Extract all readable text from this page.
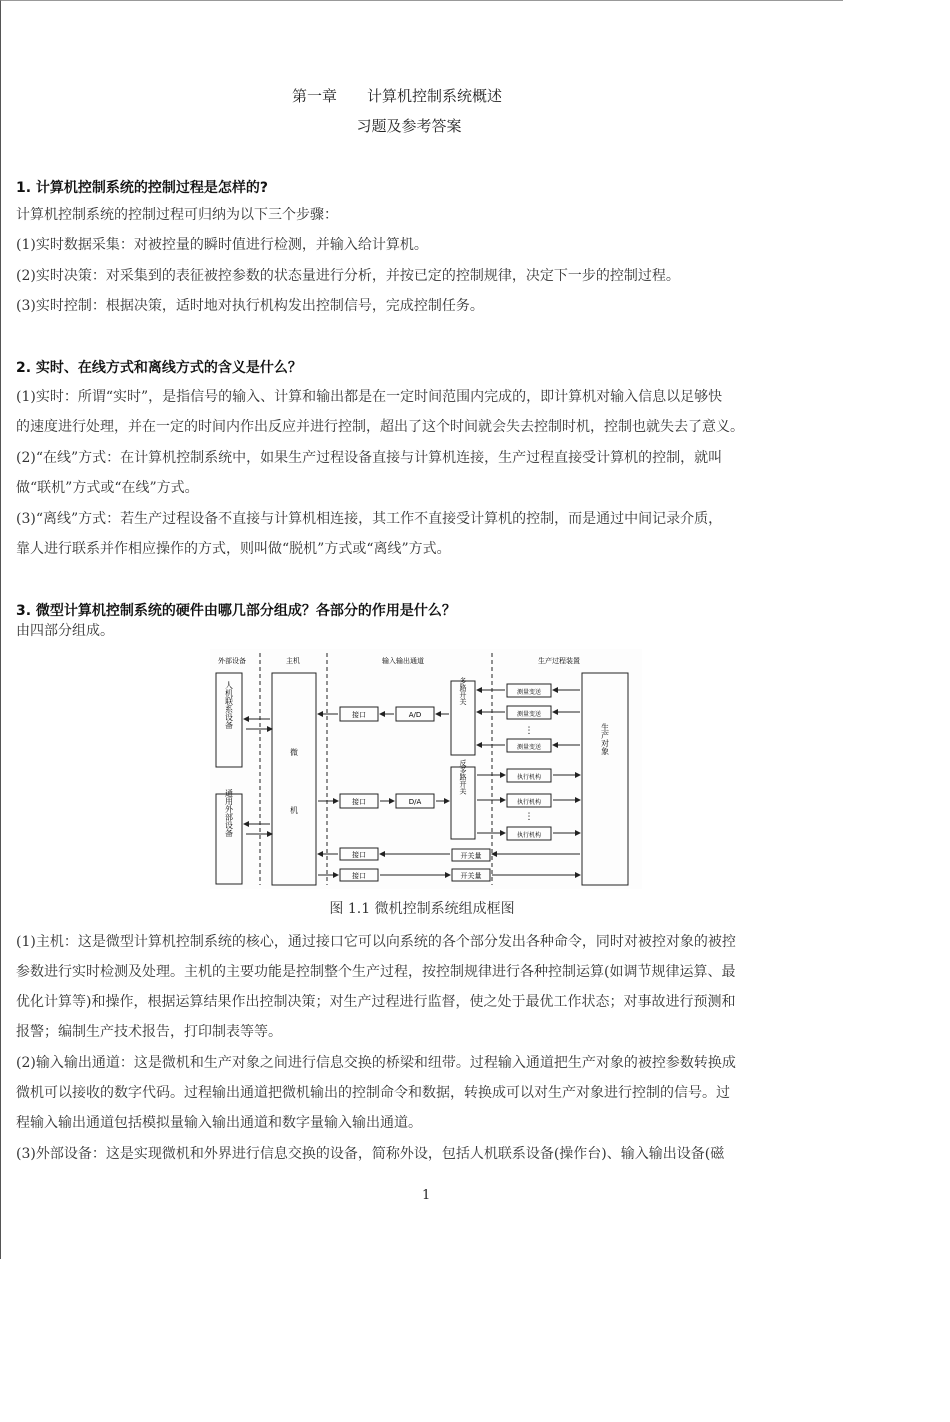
第一章　　计算机控制系统概述
习题及参考答案
1. 计算机控制系统的控制过程是怎样的?
计算机控制系统的控制过程可归纳为以下三个步骤：
(1)实时数据采集：对被控量的瞬时值进行检测，并输入给计算机。
(2)实时决策：对采集到的表征被控参数的状态量进行分析，并按已定的控制规律，决定下一步的控制过程。
(3)实时控制：根据决策，适时地对执行机构发出控制信号，完成控制任务。
2. 实时、在线方式和离线方式的含义是什么？
(1)实时：所谓“实时”，是指信号的输入、计算和输出都是在一定时间范围内完成的，即计算机对输入信息以足够快
的速度进行处理，并在一定的时间内作出反应并进行控制，超出了这个时间就会失去控制时机，控制也就失去了意义。
(2)“在线”方式：在计算机控制系统中，如果生产过程设备直接与计算机连接，生产过程直接受计算机的控制，就叫
做“联机”方式或“在线”方式。
(3)“离线”方式：若生产过程设备不直接与计算机相连接，其工作不直接受计算机的控制，而是通过中间记录介质，
靠人进行联系并作相应操作的方式，则叫做“脱机”方式或“离线”方式。
3. 微型计算机控制系统的硬件由哪几部分组成？各部分的作用是什么？
由四部分组成。
外部设备	主机	输入输出通道	生产过程装置
人机联系设备
通用外部设备
微
机
接口	A/D
接口	D/A
接口
接口
多路开关
反多路开关
开关量
开关量
测量变送
测量变送
⋮
测量变送
执行机构
执行机构
⋮
执行机构
生产对象
图 1.1 微机控制系统组成框图
(1)主机：这是微型计算机控制系统的核心，通过接口它可以向系统的各个部分发出各种命令，同时对被控对象的被控
参数进行实时检测及处理。主机的主要功能是控制整个生产过程，按控制规律进行各种控制运算(如调节规律运算、最
优化计算等)和操作，根据运算结果作出控制决策；对生产过程进行监督，使之处于最优工作状态；对事故进行预测和
报警；编制生产技术报告，打印制表等等。
(2)输入输出通道：这是微机和生产对象之间进行信息交换的桥梁和纽带。过程输入通道把生产对象的被控参数转换成
微机可以接收的数字代码。过程输出通道把微机输出的控制命令和数据，转换成可以对生产对象进行控制的信号。过
程输入输出通道包括模拟量输入输出通道和数字量输入输出通道。
(3)外部设备：这是实现微机和外界进行信息交换的设备，简称外设，包括人机联系设备(操作台)、输入输出设备(磁
1
